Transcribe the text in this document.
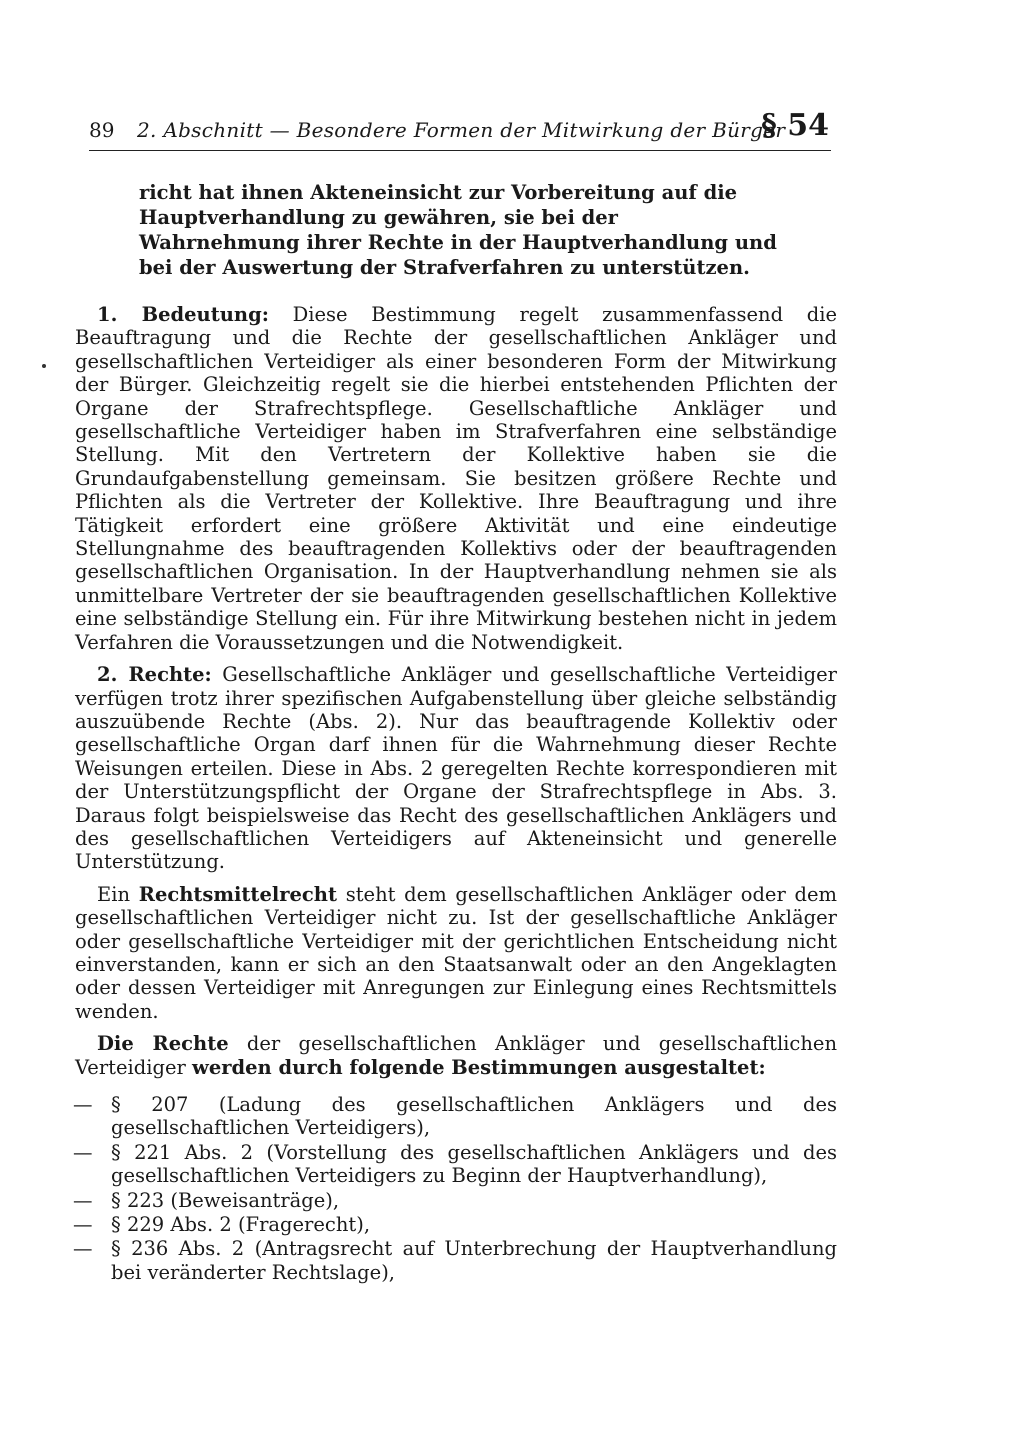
89 2. Abschnitt — Besondere Formen der Mitwirkung der Bürger
§ 54
richt hat ihnen Akteneinsicht zur Vorbereitung auf die Hauptverhandlung zu gewähren, sie bei der Wahrnehmung ihrer Rechte in der Hauptverhandlung und bei der Auswertung der Strafverfahren zu unterstützen.

1. Bedeutung: Diese Bestimmung regelt zusammenfassend die Beauftragung und die Rechte der gesellschaftlichen Ankläger und gesellschaftlichen Verteidiger als einer besonderen Form der Mitwirkung der Bürger. Gleichzeitig regelt sie die hierbei entstehenden Pflichten der Organe der Strafrechtspflege. Gesellschaftliche Ankläger und gesellschaftliche Verteidiger haben im Strafverfahren eine selbständige Stellung. Mit den Vertretern der Kollektive haben sie die Grundaufgabenstellung gemeinsam. Sie besitzen größere Rechte und Pflichten als die Vertreter der Kollektive. Ihre Beauftragung und ihre Tätigkeit erfordert eine größere Aktivität und eine eindeutige Stellungnahme des beauftragenden Kollektivs oder der beauftragenden gesellschaftlichen Organisation. In der Hauptverhandlung nehmen sie als unmittelbare Vertreter der sie beauftragenden gesellschaftlichen Kollektive eine selbständige Stellung ein. Für ihre Mitwirkung bestehen nicht in jedem Verfahren die Voraussetzungen und die Notwendigkeit.

2. Rechte: Gesellschaftliche Ankläger und gesellschaftliche Verteidiger verfügen trotz ihrer spezifischen Aufgabenstellung über gleiche selbständig auszuübende Rechte (Abs. 2). Nur das beauftragende Kollektiv oder gesellschaftliche Organ darf ihnen für die Wahrnehmung dieser Rechte Weisungen erteilen. Diese in Abs. 2 geregelten Rechte korrespondieren mit der Unterstützungspflicht der Organe der Strafrechtspflege in Abs. 3. Daraus folgt beispielsweise das Recht des gesellschaftlichen Anklägers und des gesellschaftlichen Verteidigers auf Akteneinsicht und generelle Unterstützung.

Ein Rechtsmittelrecht steht dem gesellschaftlichen Ankläger oder dem gesellschaftlichen Verteidiger nicht zu. Ist der gesellschaftliche Ankläger oder gesellschaftliche Verteidiger mit der gerichtlichen Entscheidung nicht einverstanden, kann er sich an den Staatsanwalt oder an den Angeklagten oder dessen Verteidiger mit Anregungen zur Einlegung eines Rechtsmittels wenden.

Die Rechte der gesellschaftlichen Ankläger und gesellschaftlichen Verteidiger werden durch folgende Bestimmungen ausgestaltet:

— § 207 (Ladung des gesellschaftlichen Anklägers und des gesellschaftlichen Verteidigers),
— § 221 Abs. 2 (Vorstellung des gesellschaftlichen Anklägers und des gesellschaftlichen Verteidigers zu Beginn der Hauptverhandlung),
— § 223 (Beweisanträge),
— § 229 Abs. 2 (Fragerecht),
— § 236 Abs. 2 (Antragsrecht auf Unterbrechung der Hauptverhandlung bei veränderter Rechtslage),
